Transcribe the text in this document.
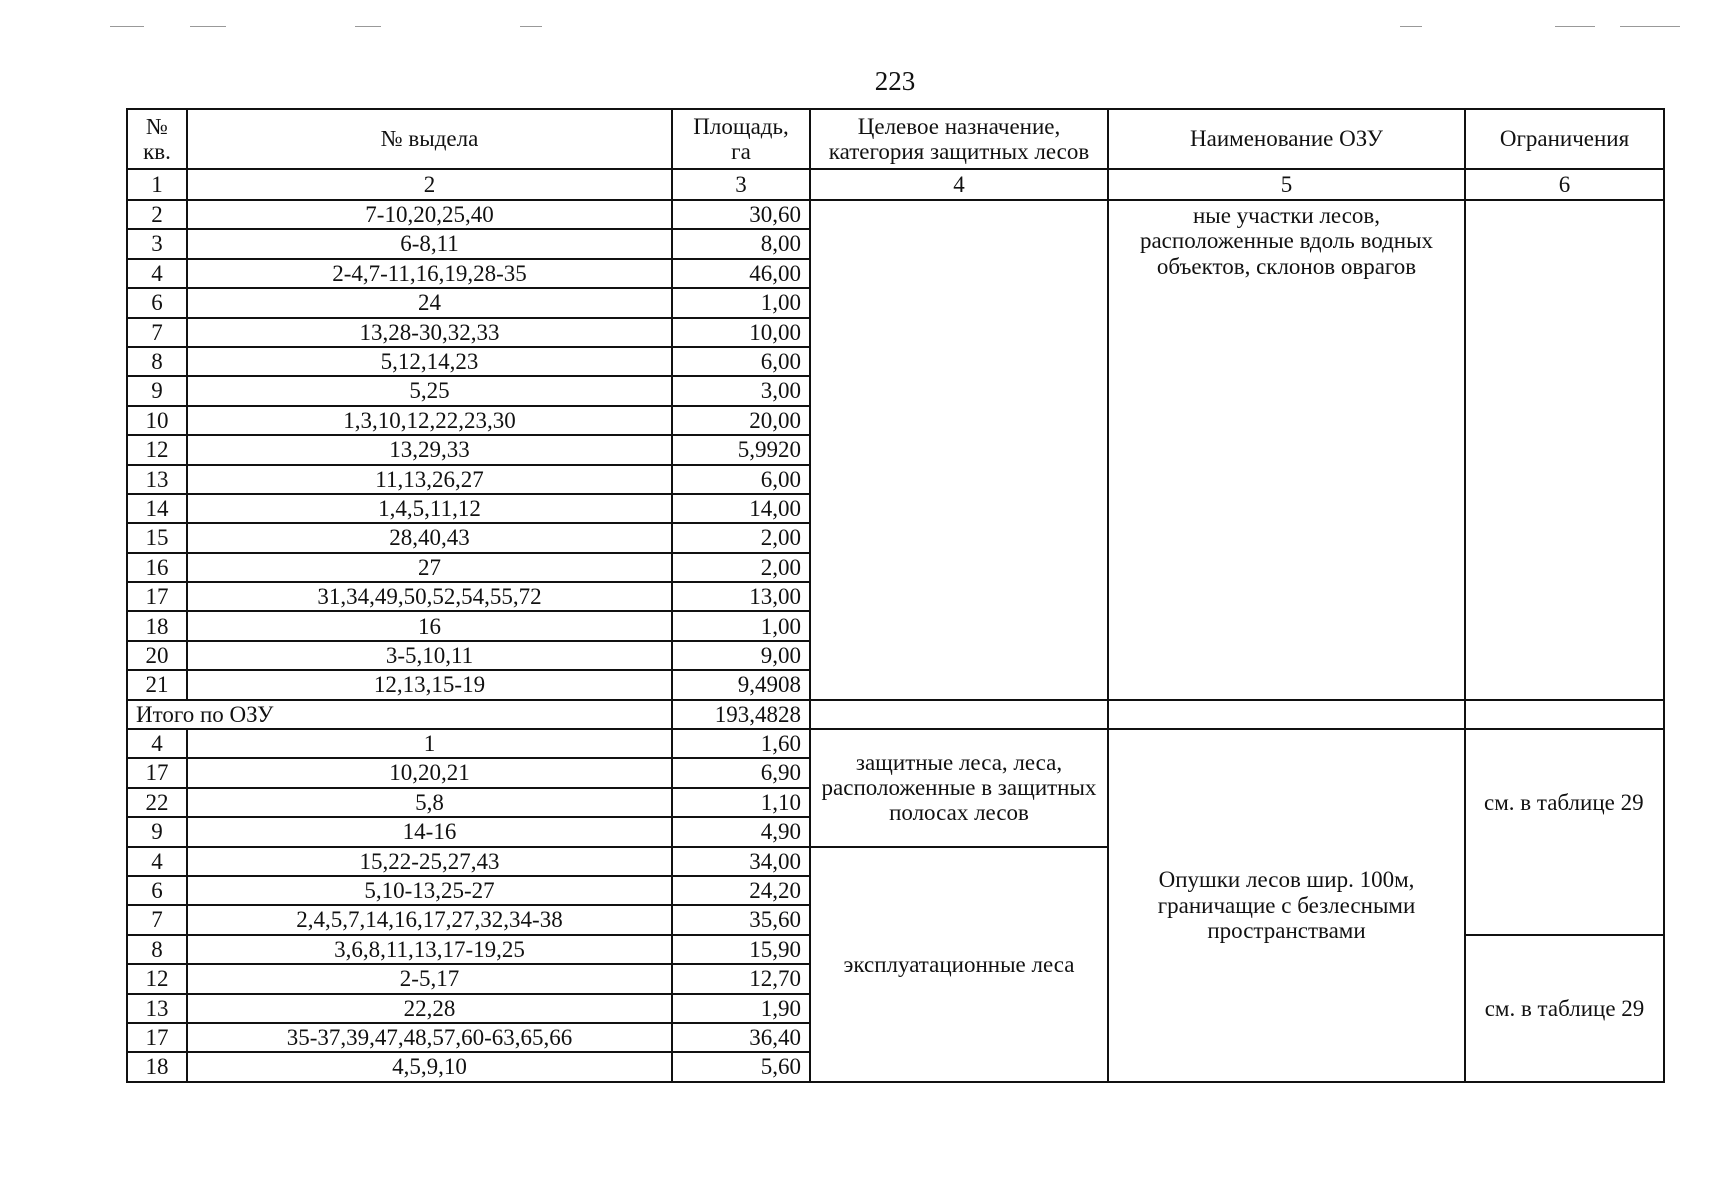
223
№ кв.	№ выдела	Площадь, га	Целевое назначение, категория защитных лесов	Наименование ОЗУ	Ограничения
1	2	3	4	5	6
2	7-10,20,25,40	30,60		ные участки лесов, расположенные вдоль водных объектов, склонов оврагов	
3	6-8,11	8,00			
4	2-4,7-11,16,19,28-35	46,00			
6	24	1,00			
7	13,28-30,32,33	10,00			
8	5,12,14,23	6,00			
9	5,25	3,00			
10	1,3,10,12,22,23,30	20,00			
12	13,29,33	5,9920			
13	11,13,26,27	6,00			
14	1,4,5,11,12	14,00			
15	28,40,43	2,00			
16	27	2,00			
17	31,34,49,50,52,54,55,72	13,00			
18	16	1,00			
20	3-5,10,11	9,00			
21	12,13,15-19	9,4908			
Итого по ОЗУ		193,4828			
4	1	1,60	защитные леса, леса, расположенные в защитных полосах лесов	Опушки лесов шир. 100м, граничащие с безлесными пространствами	см. в таблице 29
17	10,20,21	6,90			
22	5,8	1,10			
9	14-16	4,90			
4	15,22-25,27,43	34,00	эксплуатационные леса		
6	5,10-13,25-27	24,20			
7	2,4,5,7,14,16,17,27,32,34-38	35,60			
8	3,6,8,11,13,17-19,25	15,90			см. в таблице 29
12	2-5,17	12,70			
13	22,28	1,90			
17	35-37,39,47,48,57,60-63,65,66	36,40			
18	4,5,9,10	5,60			
